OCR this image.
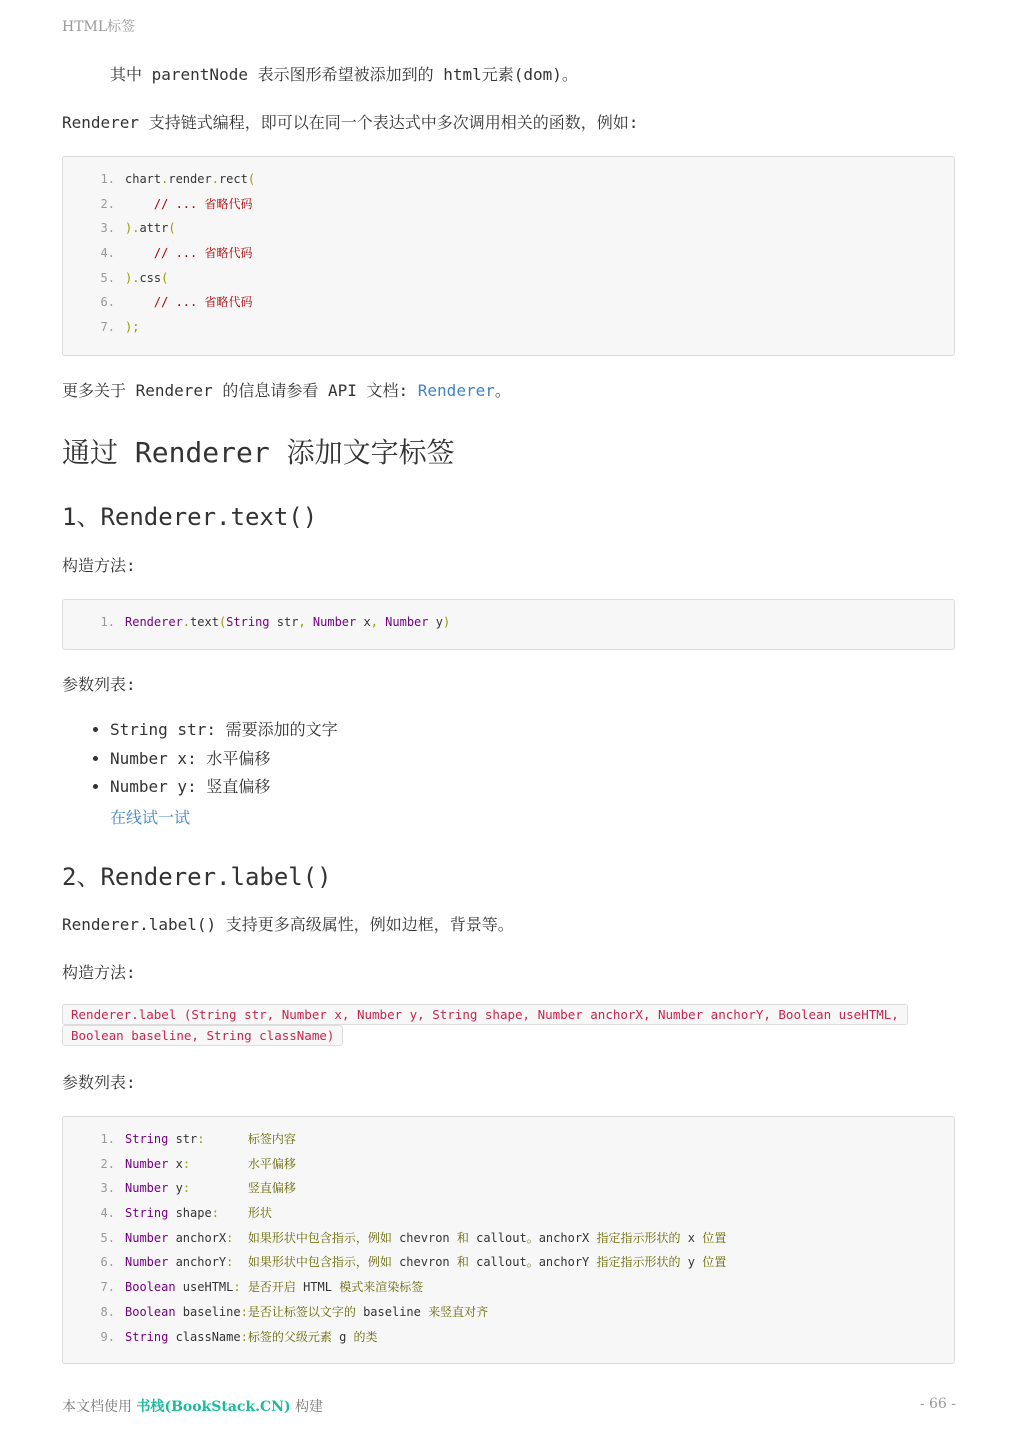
HTML标签
其中 parentNode 表示图形希望被添加到的 html元素(dom)。
Renderer 支持链式编程，即可以在同一个表达式中多次调用相关的函数，例如:
1. chart.render.rect(
2. // ... 省略代码
3. ).attr(
4. // ... 省略代码
5. ).css(
6. // ... 省略代码
7. );
更多关于 Renderer 的信息请参看 API 文档: Renderer。
通过 Renderer 添加文字标签
1、Renderer.text()
构造方法:
1. Renderer.text(String str, Number x, Number y)
参数列表:
• String str: 需要添加的文字
• Number x: 水平偏移
• Number y: 竖直偏移
在线试一试
2、Renderer.label()
Renderer.label() 支持更多高级属性，例如边框，背景等。
构造方法:
Renderer.label (String str, Number x, Number y, String shape, Number anchorX, Number anchorY, Boolean useHTML, Boolean baseline, String className)
参数列表:
1. String str:      标签内容
2. Number x:        水平偏移
3. Number y:        竖直偏移
4. String shape:    形状
5. Number anchorX:  如果形状中包含指示，例如 chevron 和 callout。anchorX 指定指示形状的 x 位置
6. Number anchorY:  如果形状中包含指示，例如 chevron 和 callout。anchorY 指定指示形状的 y 位置
7. Boolean useHTML: 是否开启 HTML 模式来渲染标签
8. Boolean baseline:是否让标签以文字的 baseline 来竖直对齐
9. String className:标签的父级元素 g 的类
本文档使用 书栈(BookStack.CN) 构建	- 66 -
